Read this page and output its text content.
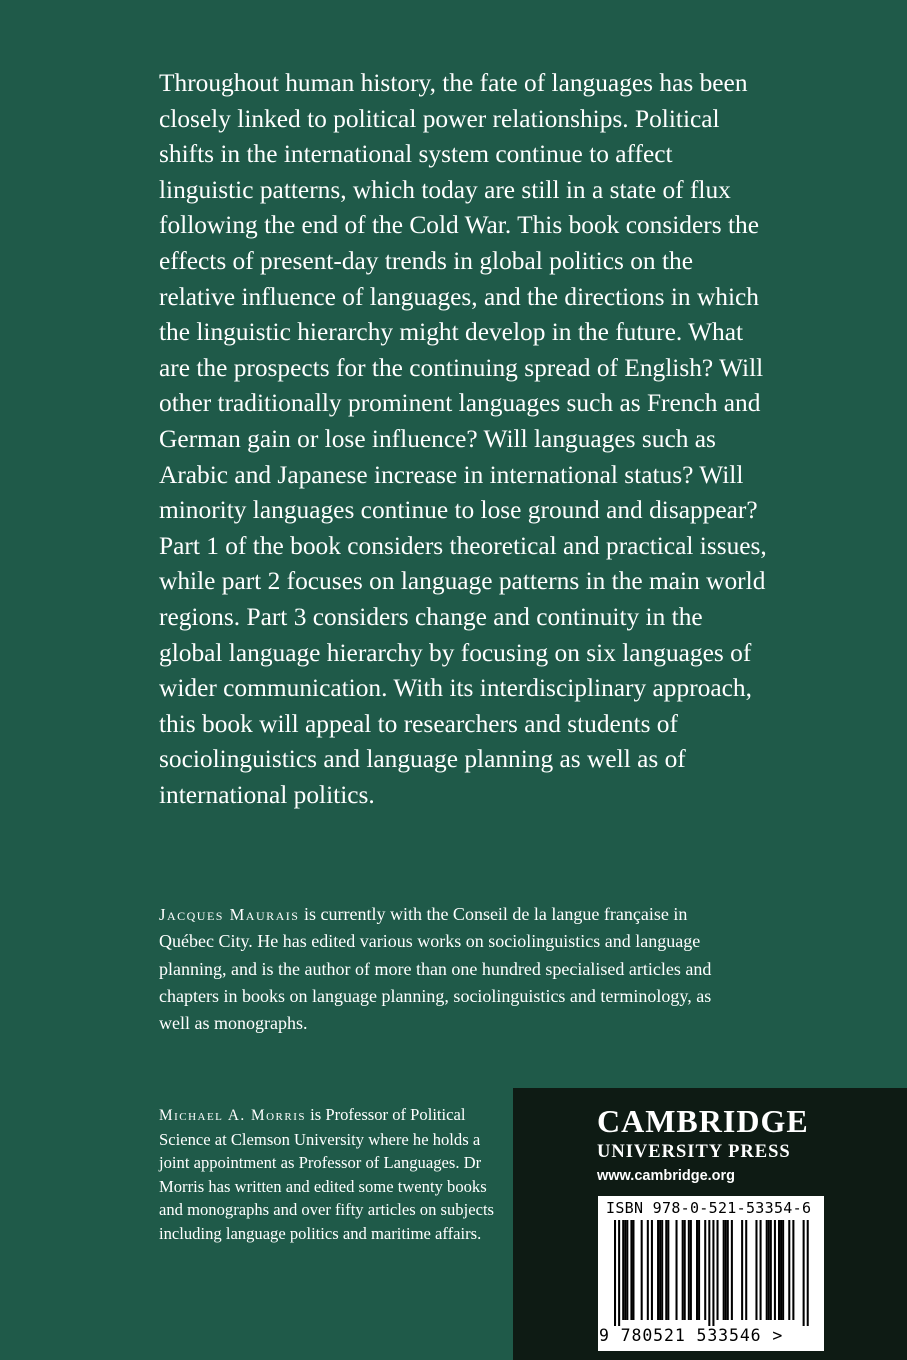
Throughout human history, the fate of languages has been closely linked to political power relationships. Political shifts in the international system continue to affect linguistic patterns, which today are still in a state of flux following the end of the Cold War. This book considers the effects of present-day trends in global politics on the relative influence of languages, and the directions in which the linguistic hierarchy might develop in the future. What are the prospects for the continuing spread of English? Will other traditionally prominent languages such as French and German gain or lose influence? Will languages such as Arabic and Japanese increase in international status? Will minority languages continue to lose ground and disappear? Part 1 of the book considers theoretical and practical issues, while part 2 focuses on language patterns in the main world regions. Part 3 considers change and continuity in the global language hierarchy by focusing on six languages of wider communication. With its interdisciplinary approach, this book will appeal to researchers and students of sociolinguistics and language planning as well as of international politics.

Jacques Maurais is currently with the Conseil de la langue française in Québec City. He has edited various works on sociolinguistics and language planning, and is the author of more than one hundred specialised articles and chapters in books on language planning, sociolinguistics and terminology, as well as monographs.

Michael A. Morris is Professor of Political Science at Clemson University where he holds a joint appointment as Professor of Languages. Dr Morris has written and edited some twenty books and monographs and over fifty articles on subjects including language politics and maritime affairs.

CAMBRIDGE

UNIVERSITY PRESS

www.cambridge.org

ISBN 978-0-521-53354-6

9 780521 533546 >
